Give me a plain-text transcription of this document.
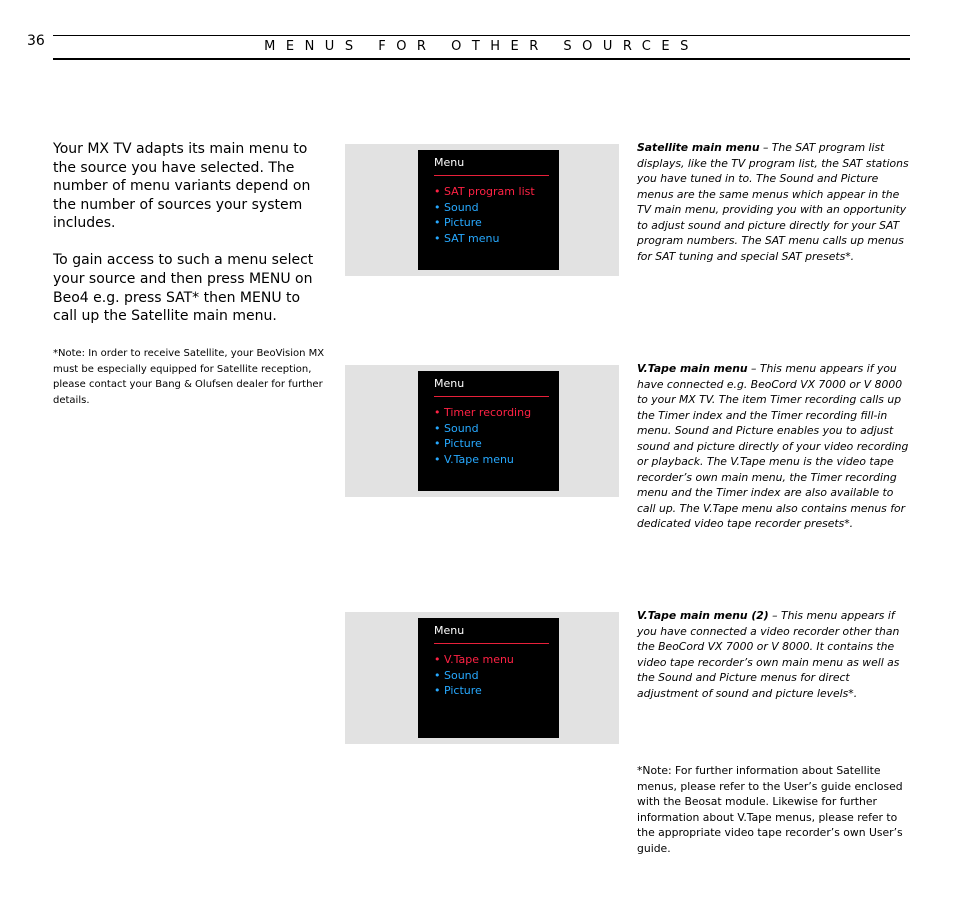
36	MENUS FOR OTHER SOURCES

Your MX TV adapts its main menu to the source you have selected. The number of menu variants depend on the number of sources your system includes.

To gain access to such a menu select your source and then press MENU on Beo4 e.g. press SAT* then MENU to call up the Satellite main menu.

*Note: In order to receive Satellite, your BeoVision MX must be especially equipped for Satellite reception, please contact your Bang & Olufsen dealer for further details.
Menu
• SAT program list
• Sound
• Picture
• SAT menu
Menu
• Timer recording
• Sound
• Picture
• V.Tape menu
Menu
• V.Tape menu
• Sound
• Picture
Satellite main menu – The SAT program list displays, like the TV program list, the SAT stations you have tuned in to. The Sound and Picture menus are the same menus which appear in the TV main menu, providing you with an opportunity to adjust sound and picture directly for your SAT program numbers. The SAT menu calls up menus for SAT tuning and special SAT presets*.
V.Tape main menu – This menu appears if you have connected e.g. BeoCord VX 7000 or V 8000 to your MX TV. The item Timer recording calls up the Timer index and the Timer recording fill-in menu. Sound and Picture enables you to adjust sound and picture directly of your video recording or playback. The V.Tape menu is the video tape recorder’s own main menu, the Timer recording menu and the Timer index are also available to call up. The V.Tape menu also contains menus for dedicated video tape recorder presets*.
V.Tape main menu (2) – This menu appears if you have connected a video recorder other than the BeoCord VX 7000 or V 8000. It contains the video tape recorder’s own main menu as well as the Sound and Picture menus for direct adjustment of sound and picture levels*.
*Note: For further information about Satellite menus, please refer to the User’s guide enclosed with the Beosat module. Likewise for further information about V.Tape menus, please refer to the appropriate video tape recorder’s own User’s guide.
